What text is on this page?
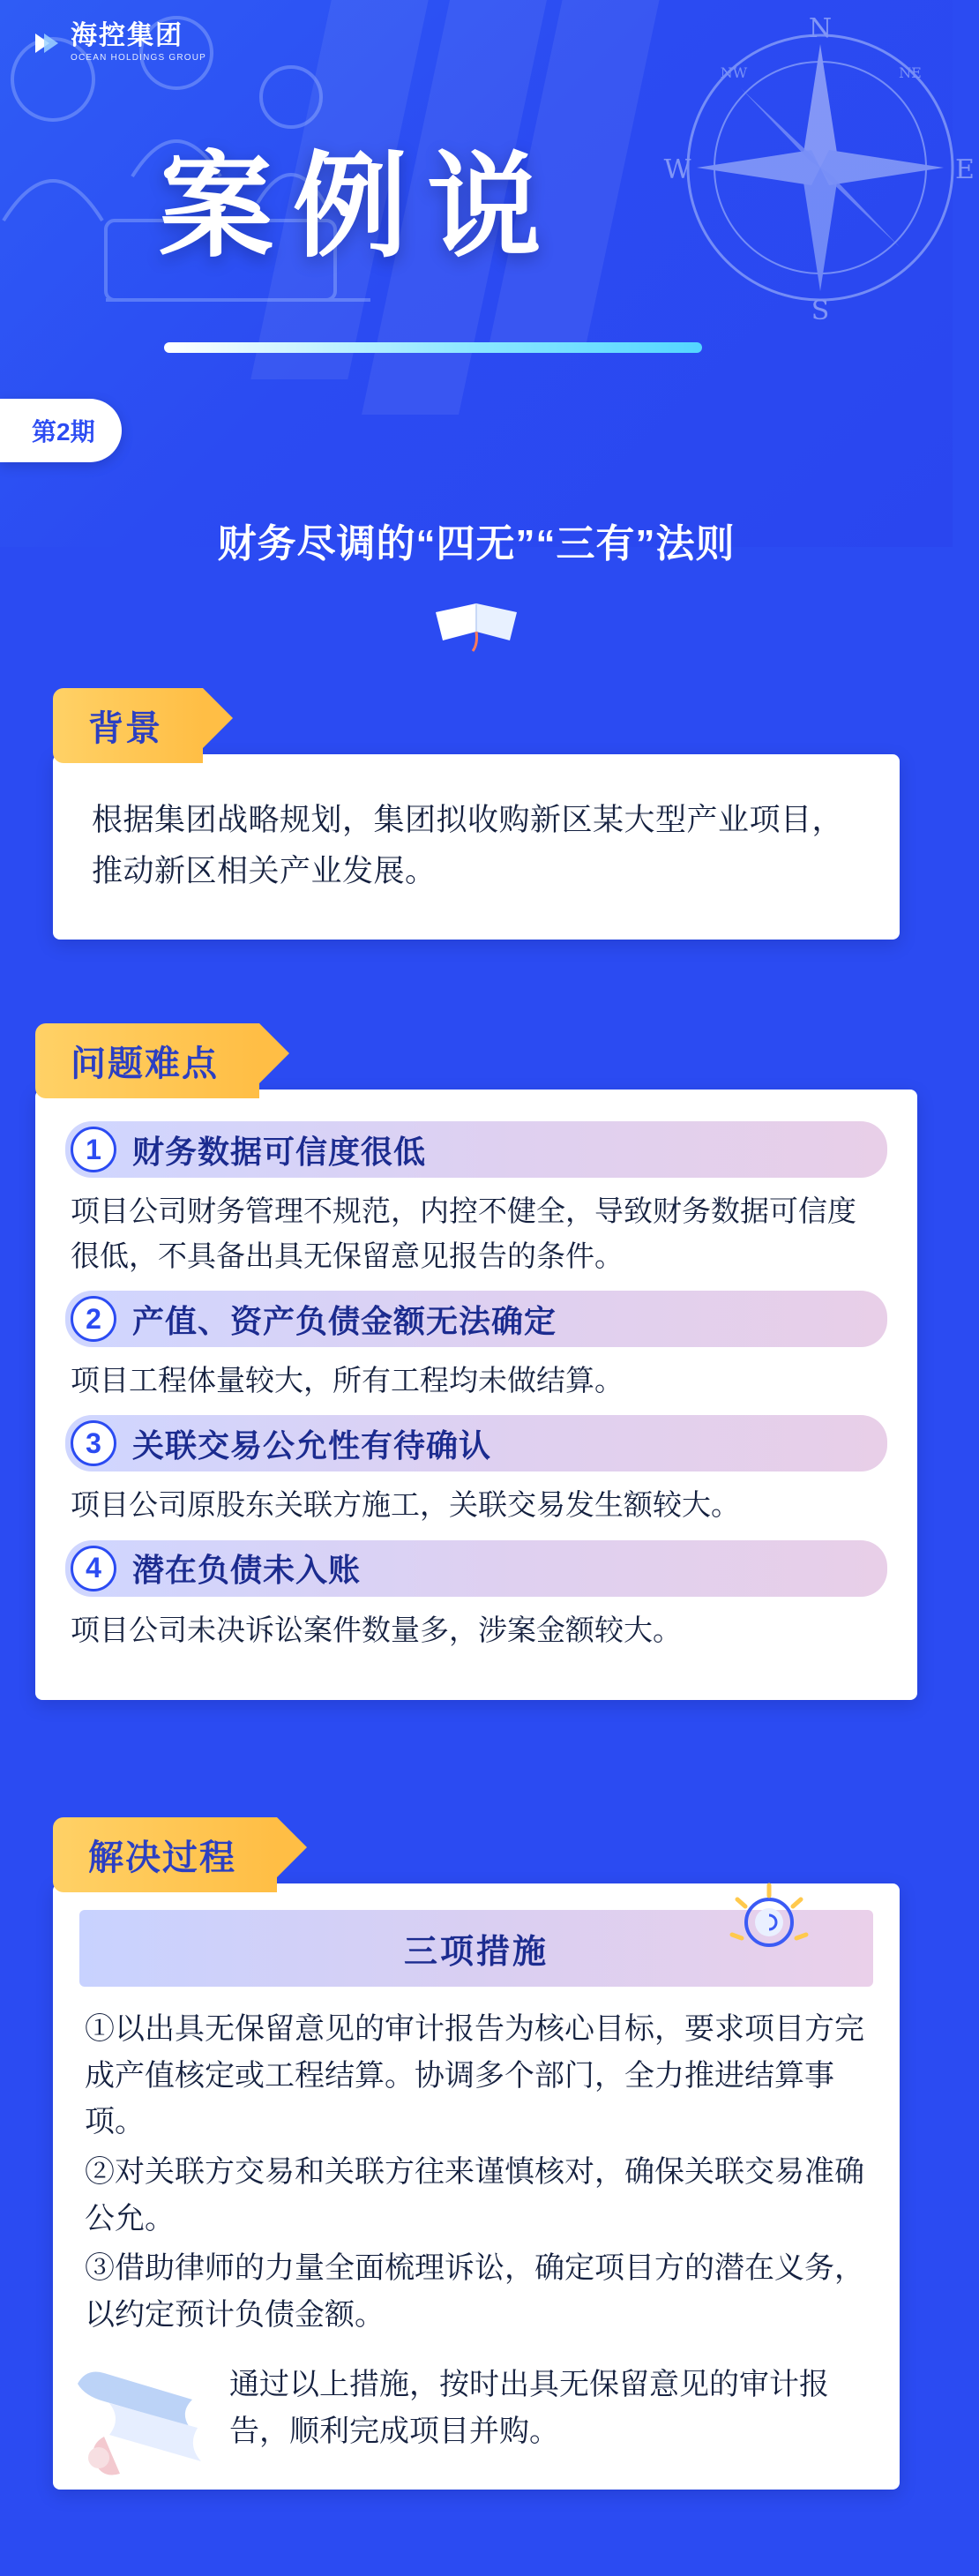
N
S
E
W
NW	NE
海控集团
OCEAN HOLDINGS GROUP
案例说
第2期
财务尽调的“四无”“三有”法则
背景
根据集团战略规划，集团拟收购新区某大型产业项目，推动新区相关产业发展。
问题难点
1 财务数据可信度很低
项目公司财务管理不规范，内控不健全，导致财务数据可信度很低，不具备出具无保留意见报告的条件。
2 产值、资产负债金额无法确定
项目工程体量较大，所有工程均未做结算。
3 关联交易公允性有待确认
项目公司原股东关联方施工，关联交易发生额较大。
4 潜在负债未入账
项目公司未决诉讼案件数量多，涉案金额较大。
解决过程
三项措施
①以出具无保留意见的审计报告为核心目标，要求项目方完成产值核定或工程结算。协调多个部门，全力推进结算事项。
②对关联方交易和关联方往来谨慎核对，确保关联交易准确公允。
③借助律师的力量全面梳理诉讼，确定项目方的潜在义务，以约定预计负债金额。
通过以上措施，按时出具无保留意见的审计报告，顺利完成项目并购。
